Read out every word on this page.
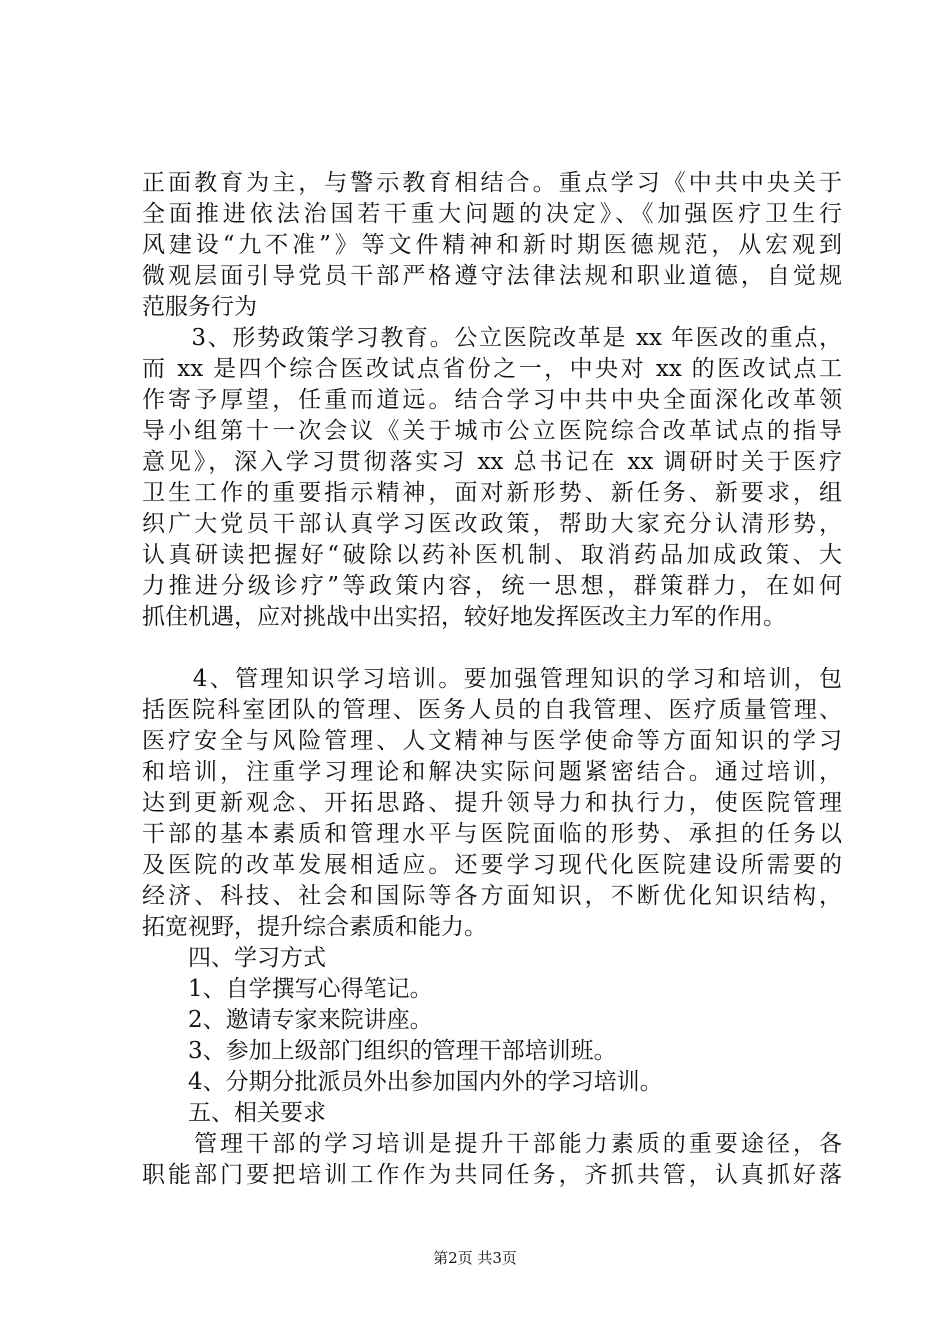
正面教育为主，与警示教育相结合。重点学习《中共中央关于
全面推进依法治国若干重大问题的决定》、《加强医疗卫生行
风建设“九不准”》等文件精神和新时期医德规范，从宏观到
微观层面引导党员干部严格遵守法律法规和职业道德，自觉规
范服务行为
　　3、形势政策学习教育。公立医院改革是 xx 年医改的重点，
而 xx 是四个综合医改试点省份之一，中央对 xx 的医改试点工
作寄予厚望，任重而道远。结合学习中共中央全面深化改革领
导小组第十一次会议《关于城市公立医院综合改革试点的指导
意见》，深入学习贯彻落实习 xx 总书记在 xx 调研时关于医疗
卫生工作的重要指示精神，面对新形势、新任务、新要求，组
织广大党员干部认真学习医改政策，帮助大家充分认清形势，
认真研读把握好“破除以药补医机制、取消药品加成政策、大
力推进分级诊疗”等政策内容，统一思想，群策群力，在如何
抓住机遇，应对挑战中出实招，较好地发挥医改主力军的作用。
　　4、管理知识学习培训。要加强管理知识的学习和培训，包
括医院科室团队的管理、医务人员的自我管理、医疗质量管理、
医疗安全与风险管理、人文精神与医学使命等方面知识的学习
和培训，注重学习理论和解决实际问题紧密结合。通过培训，
达到更新观念、开拓思路、提升领导力和执行力，使医院管理
干部的基本素质和管理水平与医院面临的形势、承担的任务以
及医院的改革发展相适应。还要学习现代化医院建设所需要的
经济、科技、社会和国际等各方面知识，不断优化知识结构，
拓宽视野，提升综合素质和能力。
　　四、学习方式
　　1、自学撰写心得笔记。
　　2、邀请专家来院讲座。
　　3、参加上级部门组织的管理干部培训班。
　　4、分期分批派员外出参加国内外的学习培训。
　　五、相关要求
　　管理干部的学习培训是提升干部能力素质的重要途径，各
职能部门要把培训工作作为共同任务，齐抓共管，认真抓好落
第2页 共3页
